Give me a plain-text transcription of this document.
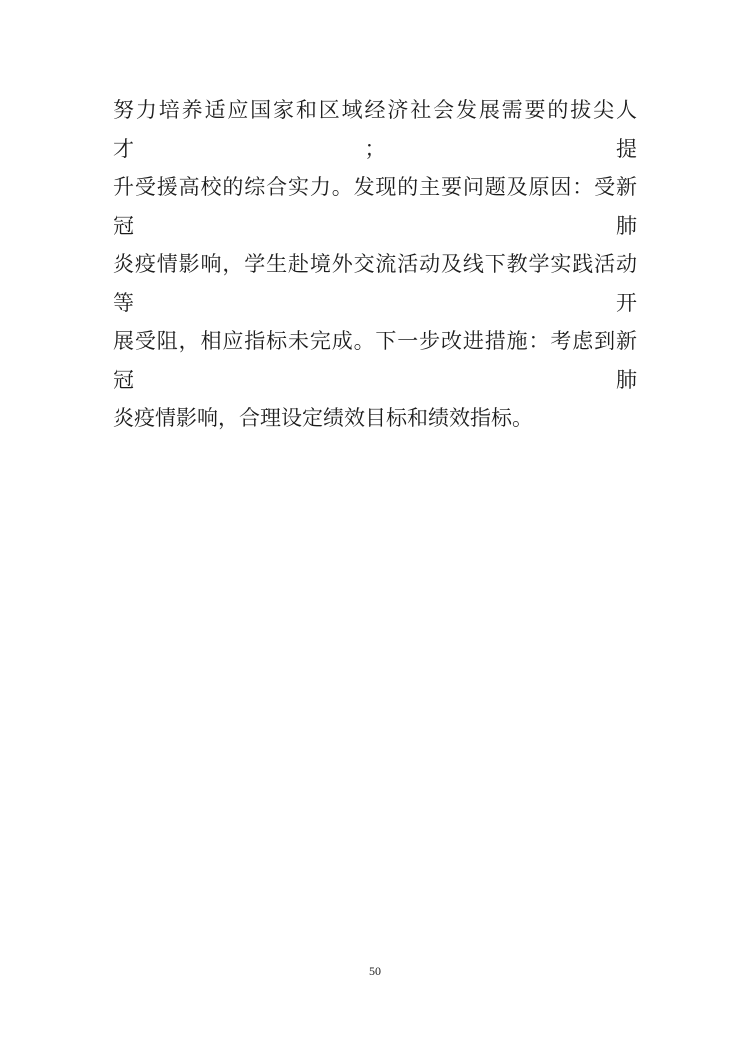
努力培养适应国家和区域经济社会发展需要的拔尖人才；提
升受援高校的综合实力。发现的主要问题及原因：受新冠肺
炎疫情影响，学生赴境外交流活动及线下教学实践活动等开
展受阻，相应指标未完成。下一步改进措施：考虑到新冠肺
炎疫情影响，合理设定绩效目标和绩效指标。
50
